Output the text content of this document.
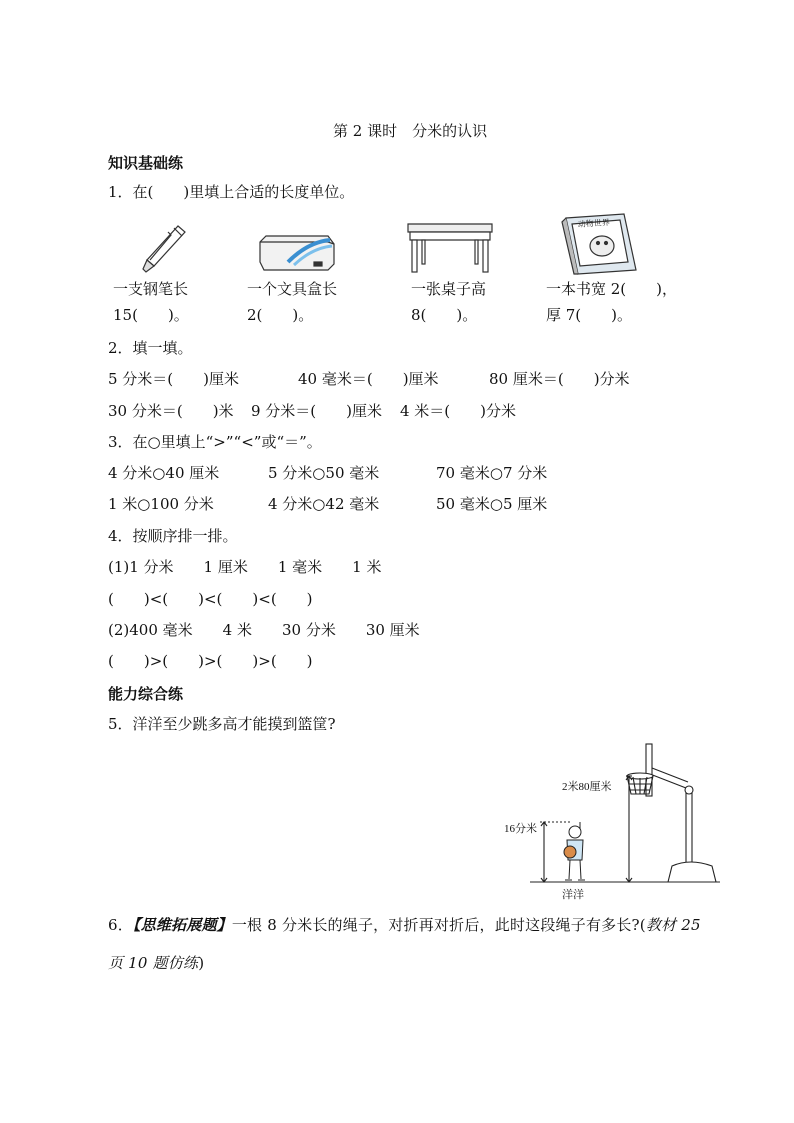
第 2 课时　分米的认识
知识基础练
1．在(　　)里填上合适的长度单位。
动物世界
一支钢笔长
15(　　)。
一个文具盒长
2(　　)。
一张桌子高
8(　　)。
一本书宽 2(　　)，
厚 7(　　)。
2．填一填。
5 分米＝(　　)厘米	40 毫米＝(　　)厘米	80 厘米＝(　　)分米
30 分米＝(　　)米 9 分米＝(　　)厘米 4 米＝(　　)分米
3．在○里填上“>”“<”或“＝”。
4 分米○40 厘米	5 分米○50 毫米	70 毫米○7 分米
1 米○100 分米	4 分米○42 毫米	50 毫米○5 厘米
4．按顺序排一排。
(1)1 分米　　1 厘米　　1 毫米　　1 米
(　　)<(　　)<(　　)<(　　)
(2)400 毫米　　4 米　　30 分米　　30 厘米
(　　)>(　　)>(　　)>(　　)
能力综合练
5．洋洋至少跳多高才能摸到篮筐?
2米80厘米
16分米
洋洋
6．【思维拓展题】一根 8 分米长的绳子，对折再对折后，此时这段绳子有多长?(教材 25
页 10 题仿练)
